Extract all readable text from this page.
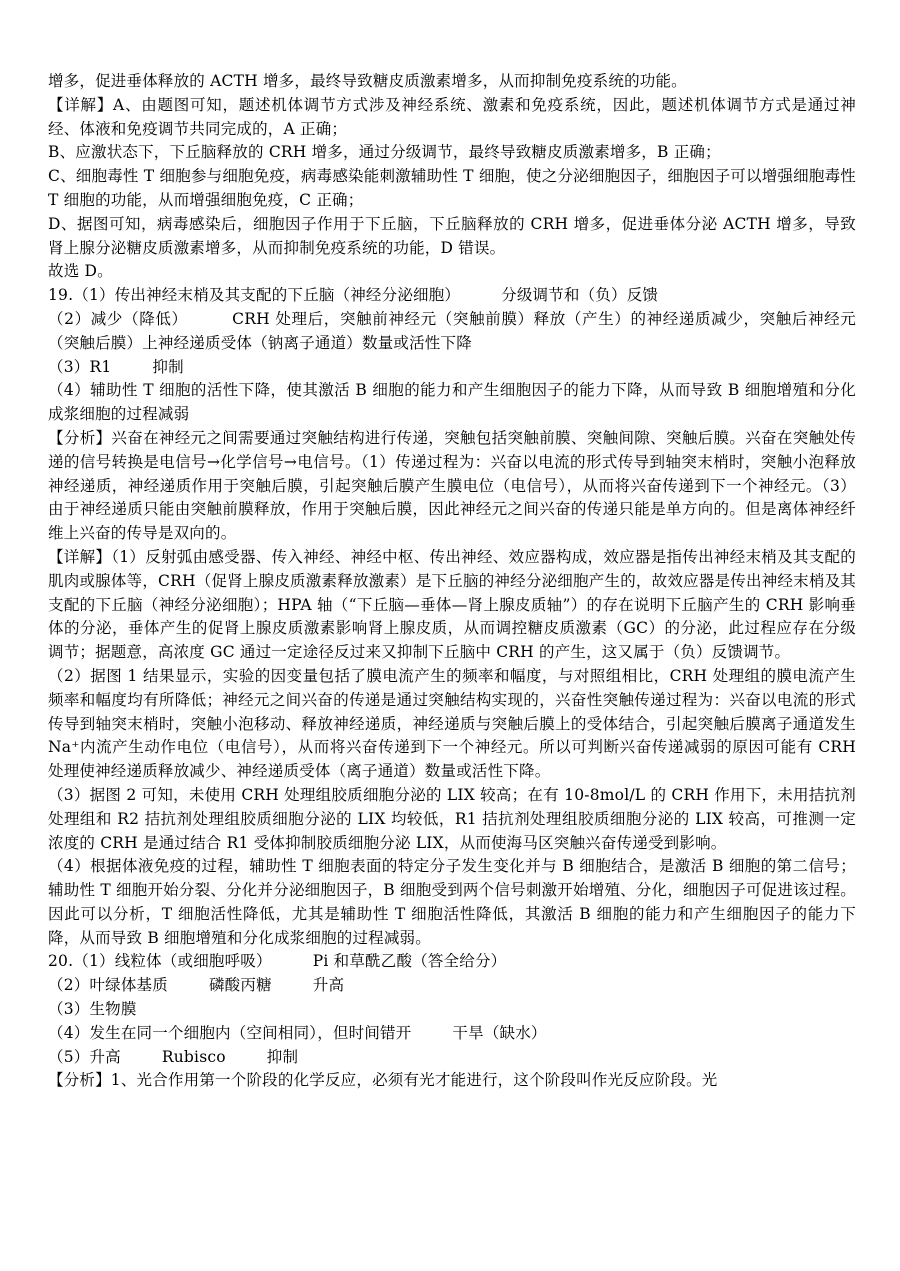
增多，促进垂体释放的 ACTH 增多，最终导致糖皮质激素增多，从而抑制免疫系统的功能。

【详解】A、由题图可知，题述机体调节方式涉及神经系统、激素和免疫系统，因此，题述机体调节方式是通过神经、体液和免疫调节共同完成的，A 正确；

B、应激状态下，下丘脑释放的 CRH 增多，通过分级调节，最终导致糖皮质激素增多，B 正确；

C、细胞毒性 T 细胞参与细胞免疫，病毒感染能刺激辅助性 T 细胞，使之分泌细胞因子，细胞因子可以增强细胞毒性 T 细胞的功能，从而增强细胞免疫，C 正确；

D、据图可知，病毒感染后，细胞因子作用于下丘脑，下丘脑释放的 CRH 增多，促进垂体分泌 ACTH 增多，导致肾上腺分泌糖皮质激素增多，从而抑制免疫系统的功能，D 错误。

故选 D。

19.（1）传出神经末梢及其支配的下丘脑（神经分泌细胞）        分级调节和（负）反馈

（2）减少（降低）        CRH 处理后，突触前神经元（突触前膜）释放（产生）的神经递质减少，突触后神经元（突触后膜）上神经递质受体（钠离子通道）数量或活性下降

（3）R1        抑制

（4）辅助性 T 细胞的活性下降，使其激活 B 细胞的能力和产生细胞因子的能力下降，从而导致 B 细胞增殖和分化成浆细胞的过程减弱

【分析】兴奋在神经元之间需要通过突触结构进行传递，突触包括突触前膜、突触间隙、突触后膜。兴奋在突触处传递的信号转换是电信号→化学信号→电信号。（1）传递过程为：兴奋以电流的形式传导到轴突末梢时，突触小泡释放神经递质，神经递质作用于突触后膜，引起突触后膜产生膜电位（电信号），从而将兴奋传递到下一个神经元。（3）由于神经递质只能由突触前膜释放，作用于突触后膜，因此神经元之间兴奋的传递只能是单方向的。但是离体神经纤维上兴奋的传导是双向的。

【详解】（1）反射弧由感受器、传入神经、神经中枢、传出神经、效应器构成，效应器是指传出神经末梢及其支配的肌肉或腺体等，CRH（促肾上腺皮质激素释放激素）是下丘脑的神经分泌细胞产生的，故效应器是传出神经末梢及其支配的下丘脑（神经分泌细胞）；HPA 轴（“下丘脑—垂体—肾上腺皮质轴”）的存在说明下丘脑产生的 CRH 影响垂体的分泌，垂体产生的促肾上腺皮质激素影响肾上腺皮质，从而调控糖皮质激素（GC）的分泌，此过程应存在分级调节；据题意，高浓度 GC 通过一定途径反过来又抑制下丘脑中 CRH 的产生，这又属于（负）反馈调节。

（2）据图 1 结果显示，实验的因变量包括了膜电流产生的频率和幅度，与对照组相比，CRH 处理组的膜电流产生频率和幅度均有所降低；神经元之间兴奋的传递是通过突触结构实现的，兴奋性突触传递过程为：兴奋以电流的形式传导到轴突末梢时，突触小泡移动、释放神经递质，神经递质与突触后膜上的受体结合，引起突触后膜离子通道发生 Na⁺内流产生动作电位（电信号），从而将兴奋传递到下一个神经元。所以可判断兴奋传递减弱的原因可能有 CRH 处理使神经递质释放减少、神经递质受体（离子通道）数量或活性下降。

（3）据图 2 可知，未使用 CRH 处理组胶质细胞分泌的 LIX 较高；在有 10-8mol/L 的 CRH 作用下，未用拮抗剂处理组和 R2 拮抗剂处理组胶质细胞分泌的 LIX 均较低，R1 拮抗剂处理组胶质细胞分泌的 LIX 较高，可推测一定浓度的 CRH 是通过结合 R1 受体抑制胶质细胞分泌 LIX，从而使海马区突触兴奋传递受到影响。

（4）根据体液免疫的过程，辅助性 T 细胞表面的特定分子发生变化并与 B 细胞结合，是激活 B 细胞的第二信号；辅助性 T 细胞开始分裂、分化并分泌细胞因子，B 细胞受到两个信号刺激开始增殖、分化，细胞因子可促进该过程。因此可以分析，T 细胞活性降低，尤其是辅助性 T 细胞活性降低，其激活 B 细胞的能力和产生细胞因子的能力下降，从而导致 B 细胞增殖和分化成浆细胞的过程减弱。

20.（1）线粒体（或细胞呼吸）        Pi 和草酰乙酸（答全给分）

（2）叶绿体基质        磷酸丙糖        升高

（3）生物膜

（4）发生在同一个细胞内（空间相同），但时间错开        干旱（缺水）

（5）升高        Rubisco        抑制

【分析】1、光合作用第一个阶段的化学反应，必须有光才能进行，这个阶段叫作光反应阶段。光
